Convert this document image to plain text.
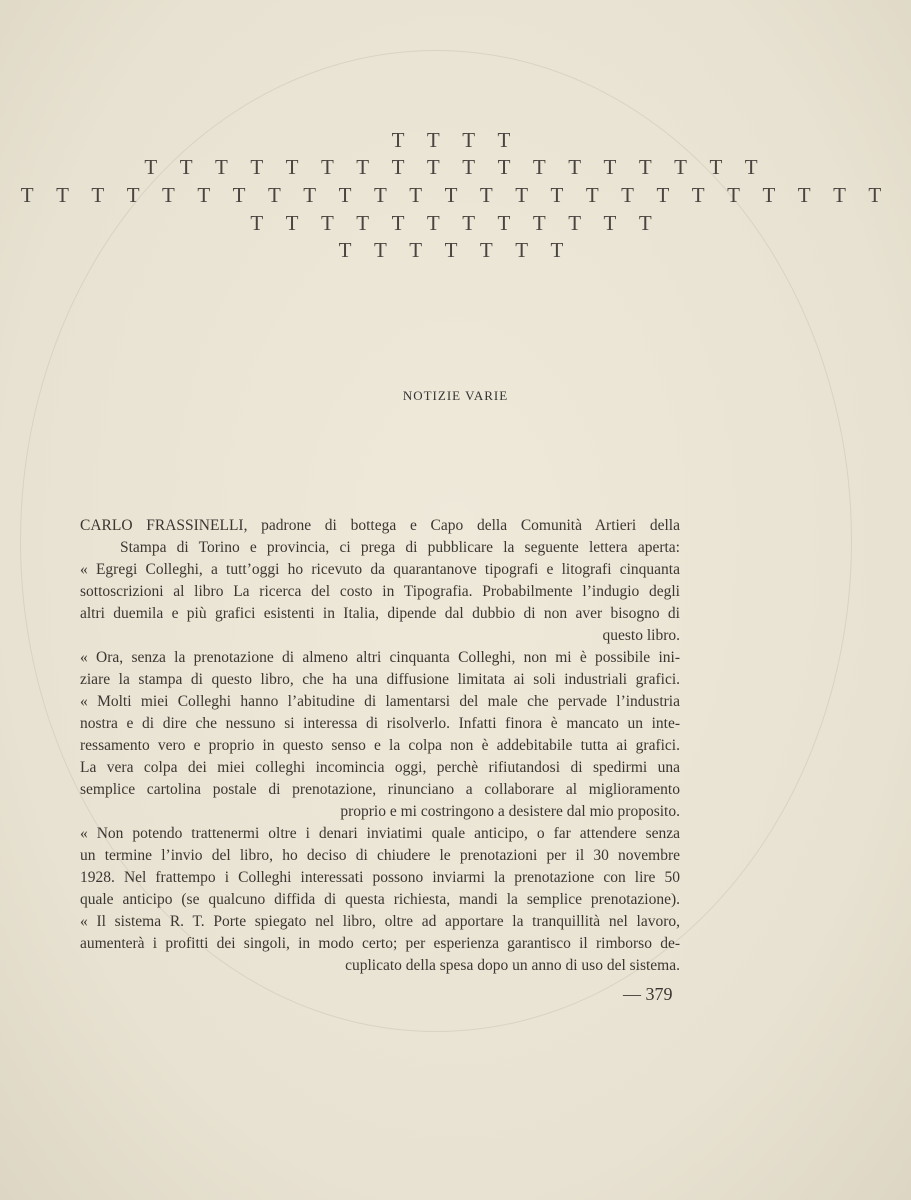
T T T T
T T T T T T T T T T T T T T T T T T
T T T T T T T T T T T T T T T T T T T T T T T T T
T T T T T T T T T T T T
T T T T T T T
NOTIZIE VARIE
CARLO FRASSINELLI, padrone di bottega e Capo della Comunità Artieri della
Stampa di Torino e provincia, ci prega di pubblicare la seguente lettera aperta:
« Egregi Colleghi, a tutt’oggi ho ricevuto da quarantanove tipografi e litografi cinquanta
sottoscrizioni al libro La ricerca del costo in Tipografia. Probabilmente l’indugio degli
altri duemila e più grafici esistenti in Italia, dipende dal dubbio di non aver bisogno di
questo libro.
« Ora, senza la prenotazione di almeno altri cinquanta Colleghi, non mi è possibile ini-
ziare la stampa di questo libro, che ha una diffusione limitata ai soli industriali grafici.
« Molti miei Colleghi hanno l’abitudine di lamentarsi del male che pervade l’industria
nostra e di dire che nessuno si interessa di risolverlo. Infatti finora è mancato un inte-
ressamento vero e proprio in questo senso e la colpa non è addebitabile tutta ai grafici.
La vera colpa dei miei colleghi incomincia oggi, perchè rifiutandosi di spedirmi una
semplice cartolina postale di prenotazione, rinunciano a collaborare al miglioramento
proprio e mi costringono a desistere dal mio proposito.
« Non potendo trattenermi oltre i denari inviatimi quale anticipo, o far attendere senza
un termine l’invio del libro, ho deciso di chiudere le prenotazioni per il 30 novembre
1928. Nel frattempo i Colleghi interessati possono inviarmi la prenotazione con lire 50
quale anticipo (se qualcuno diffida di questa richiesta, mandi la semplice prenotazione).
« Il sistema R. T. Porte spiegato nel libro, oltre ad apportare la tranquillità nel lavoro,
aumenterà i profitti dei singoli, in modo certo; per esperienza garantisco il rimborso de-
cuplicato della spesa dopo un anno di uso del sistema.
— 379
